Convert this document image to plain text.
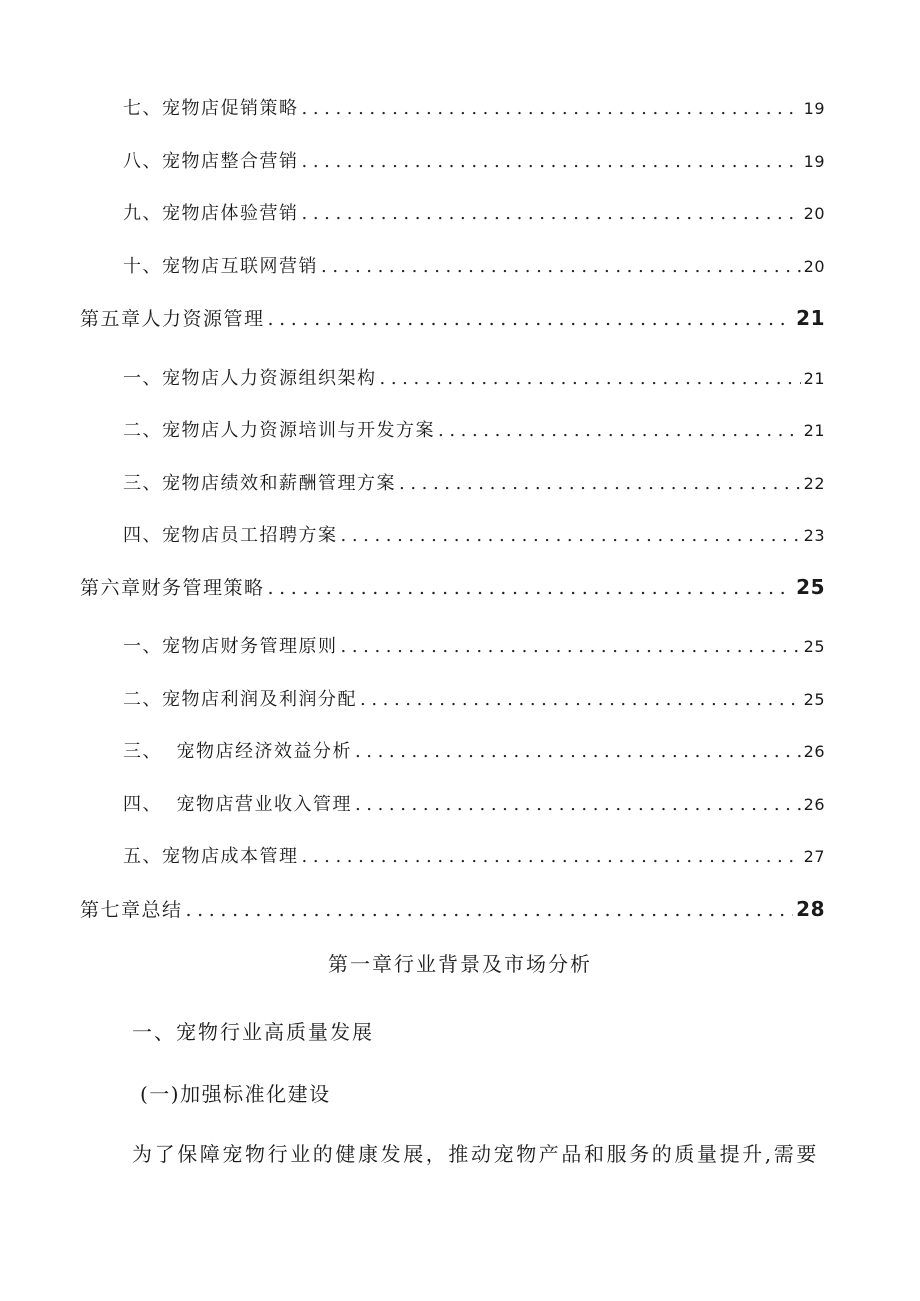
七、宠物店促销策略 .....	19
八、宠物店整合营销 .....	19
九、宠物店体验营销 .....	20
十、宠物店互联网营销 .....	20
第五章人力资源管理 .....	21
一、宠物店人力资源组织架构 .....	21
二、宠物店人力资源培训与开发方案 .....	21
三、宠物店绩效和薪酬管理方案 .....	22
四、宠物店员工招聘方案 .....	23
第六章财务管理策略 .....	25
一、宠物店财务管理原则 .....	25
二、宠物店利润及利润分配 .....	25
三、  宠物店经济效益分析 .....	26
四、  宠物店营业收入管理 .....	26
五、宠物店成本管理 .....	27
第七章总结 .....	28
第一章行业背景及市场分析
一、宠物行业高质量发展
(一)加强标准化建设
为了保障宠物行业的健康发展，推动宠物产品和服务的质量提升,需要
